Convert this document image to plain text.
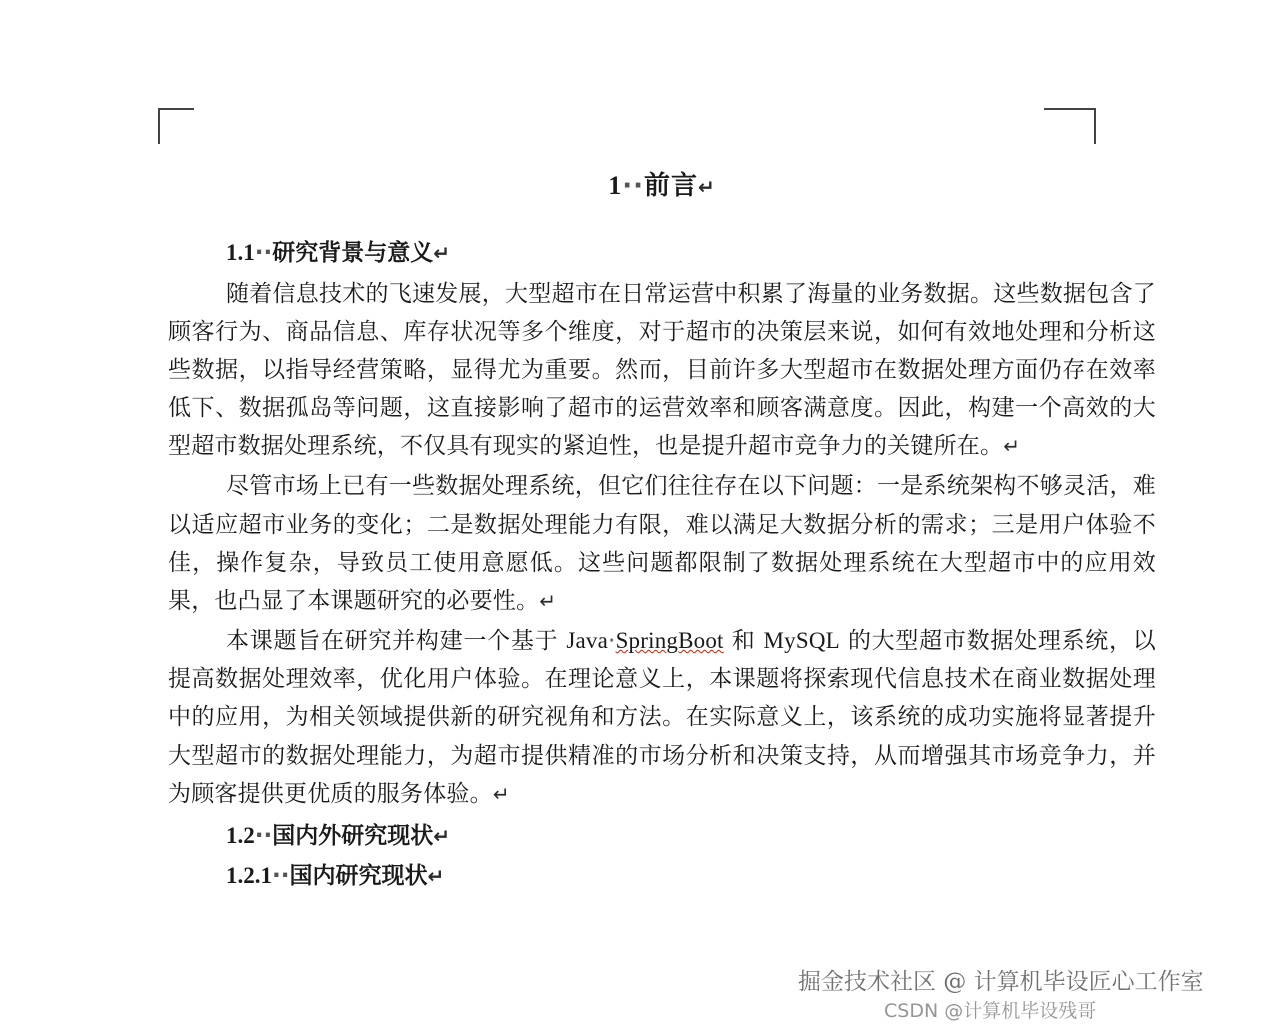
1··前言↵
1.1··研究背景与意义↵

随着信息技术的飞速发展，大型超市在日常运营中积累了海量的业务数据。这些数据包含了顾客行为、商品信息、库存状况等多个维度，对于超市的决策层来说，如何有效地处理和分析这些数据，以指导经营策略，显得尤为重要。然而，目前许多大型超市在数据处理方面仍存在效率低下、数据孤岛等问题，这直接影响了超市的运营效率和顾客满意度。因此，构建一个高效的大型超市数据处理系统，不仅具有现实的紧迫性，也是提升超市竞争力的关键所在。↵

尽管市场上已有一些数据处理系统，但它们往往存在以下问题：一是系统架构不够灵活，难以适应超市业务的变化；二是数据处理能力有限，难以满足大数据分析的需求；三是用户体验不佳，操作复杂，导致员工使用意愿低。这些问题都限制了数据处理系统在大型超市中的应用效果，也凸显了本课题研究的必要性。↵

本课题旨在研究并构建一个基于 Java·SpringBoot 和 MySQL 的大型超市数据处理系统，以提高数据处理效率，优化用户体验。在理论意义上，本课题将探索现代信息技术在商业数据处理中的应用，为相关领域提供新的研究视角和方法。在实际意义上，该系统的成功实施将显著提升大型超市的数据处理能力，为超市提供精准的市场分析和决策支持，从而增强其市场竞争力，并为顾客提供更优质的服务体验。↵

1.2··国内外研究现状↵
1.2.1··国内研究现状↵
掘金技术社区 @ 计算机毕设匠心工作室
CSDN @计算机毕设残哥
